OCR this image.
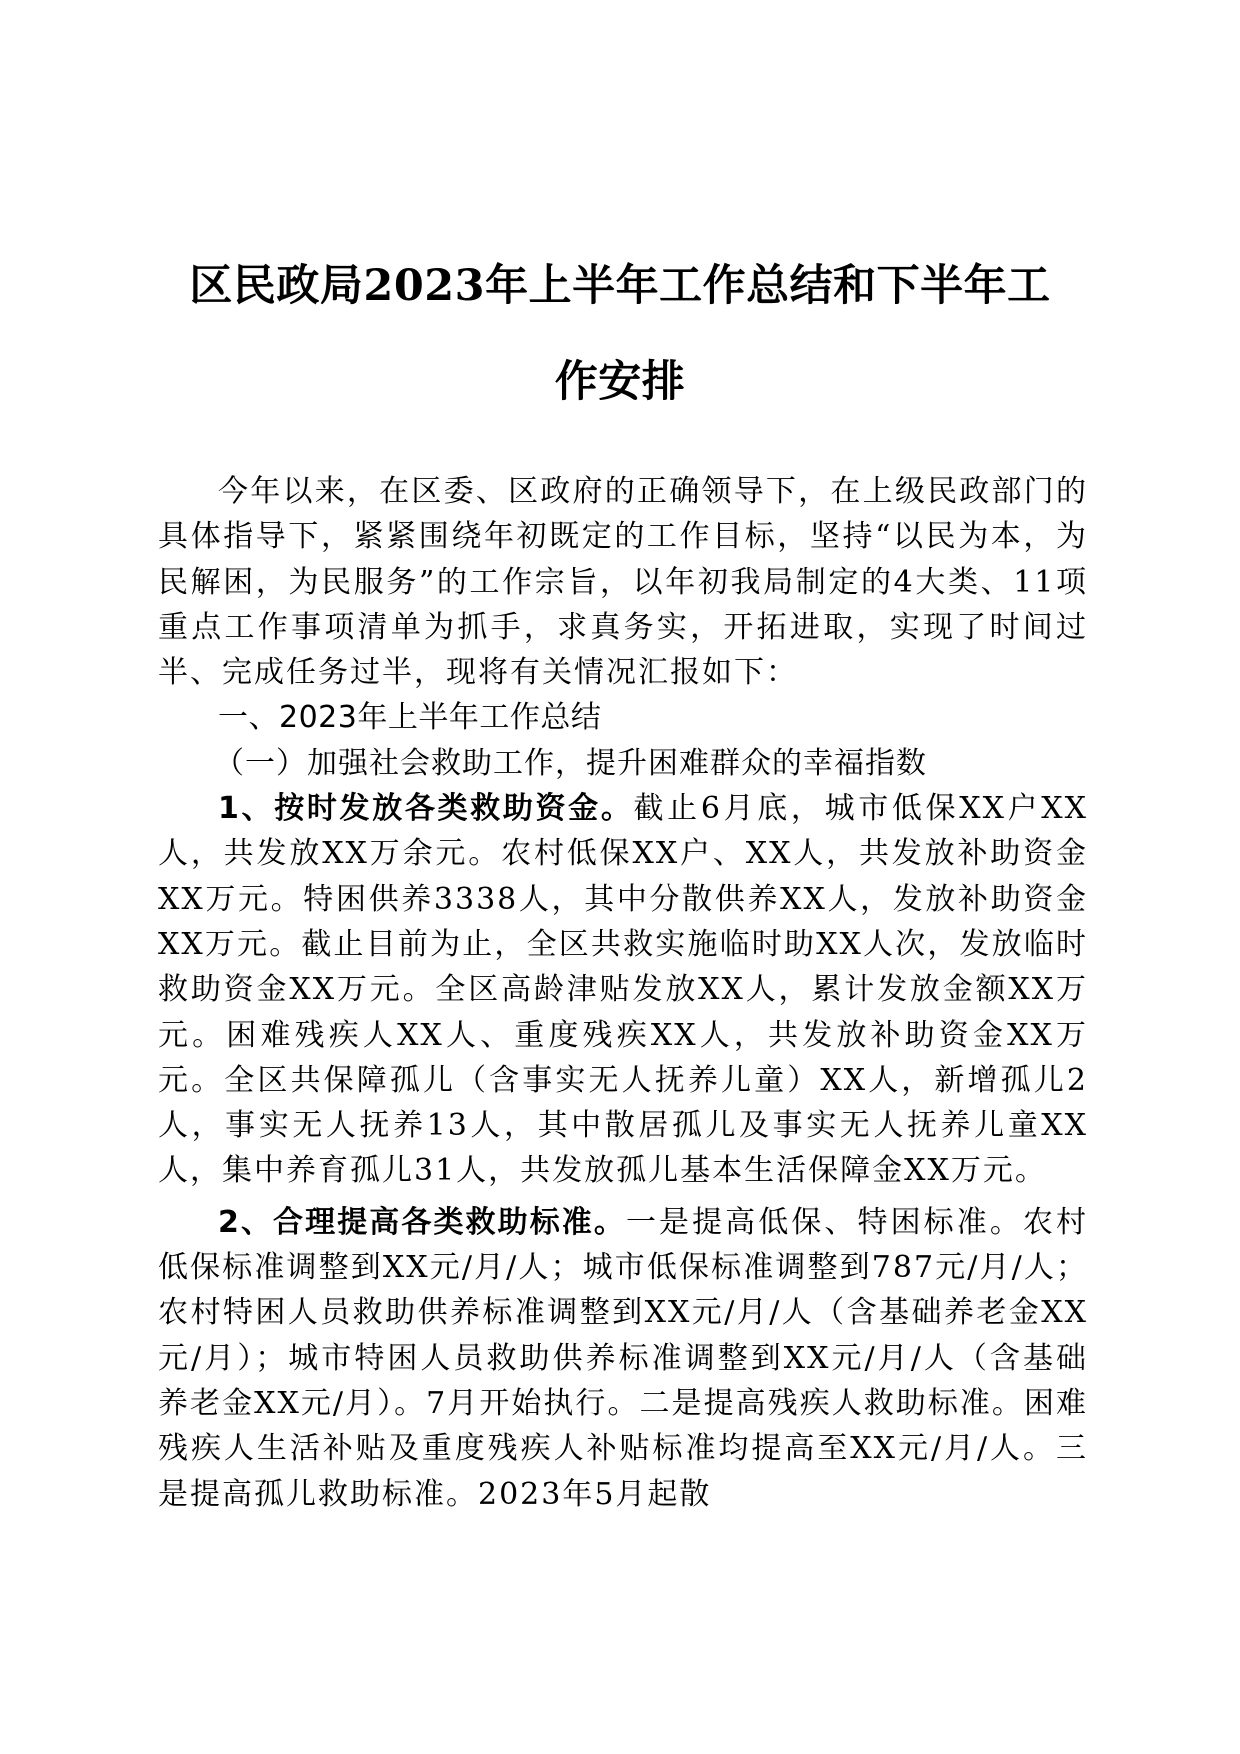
区民政局2023年上半年工作总结和下半年工
作安排

今年以来，在区委、区政府的正确领导下，在上级民政部门的具体指导下，紧紧围绕年初既定的工作目标，坚持“以民为本，为民解困，为民服务”的工作宗旨，以年初我局制定的4大类、11项重点工作事项清单为抓手，求真务实，开拓进取，实现了时间过半、完成任务过半，现将有关情况汇报如下：

一、2023年上半年工作总结

（一）加强社会救助工作，提升困难群众的幸福指数

1、按时发放各类救助资金。截止6月底，城市低保XX户XX人，共发放XX万余元。农村低保XX户、XX人，共发放补助资金XX万元。特困供养3338人，其中分散供养XX人，发放补助资金XX万元。截止目前为止，全区共救实施临时助XX人次，发放临时救助资金XX万元。全区高龄津贴发放XX人，累计发放金额XX万元。困难残疾人XX人、重度残疾XX人，共发放补助资金XX万元。全区共保障孤儿（含事实无人抚养儿童）XX人，新增孤儿2人，事实无人抚养13人，其中散居孤儿及事实无人抚养儿童XX人，集中养育孤儿31人，共发放孤儿基本生活保障金XX万元。

2、合理提高各类救助标准。一是提高低保、特困标准。农村低保标准调整到XX元/月/人；城市低保标准调整到787元/月/人；农村特困人员救助供养标准调整到XX元/月/人（含基础养老金XX元/月）；城市特困人员救助供养标准调整到XX元/月/人（含基础养老金XX元/月）。7月开始执行。二是提高残疾人救助标准。困难残疾人生活补贴及重度残疾人补贴标准均提高至XX元/月/人。三是提高孤儿救助标准。2023年5月起散
